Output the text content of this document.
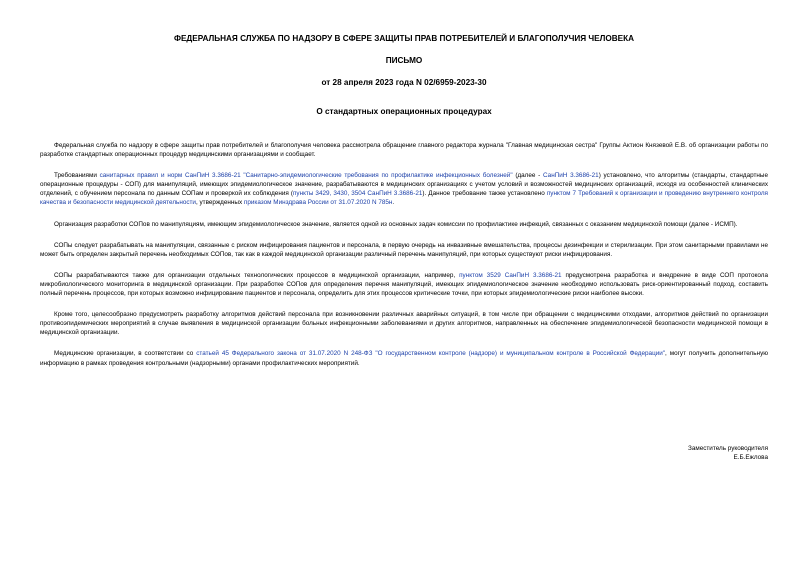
ФЕДЕРАЛЬНАЯ СЛУЖБА ПО НАДЗОРУ В СФЕРЕ ЗАЩИТЫ ПРАВ ПОТРЕБИТЕЛЕЙ И БЛАГОПОЛУЧИЯ ЧЕЛОВЕКА

ПИСЬМО

от 28 апреля 2023 года N 02/6959-2023-30

О стандартных операционных процедурах

Федеральная служба по надзору в сфере защиты прав потребителей и благополучия человека рассмотрела обращение главного редактора журнала "Главная медицинская сестра" Группы Актион Князевой Е.В. об организации работы по разработке стандартных операционных процедур медицинскими организациями и сообщает.

Требованиями санитарных правил и норм СанПиН 3.3686-21 "Санитарно-эпидемиологические требования по профилактике инфекционных болезней" (далее - СанПиН 3.3686-21) установлено, что алгоритмы (стандарты, стандартные операционные процедуры - СОП) для манипуляций, имеющих эпидемиологическое значение, разрабатываются в медицинских организациях с учетом условий и возможностей медицинских организаций, исходя из особенностей клинических отделений, с обучением персонала по данным СОПам и проверкой их соблюдения (пункты 3429, 3430, 3504 СанПиН 3.3686-21). Данное требование также установлено пунктом 7 Требований к организации и проведению внутреннего контроля качества и безопасности медицинской деятельности, утвержденных приказом Минздрава России от 31.07.2020 N 785н.

Организация разработки СОПов по манипуляциям, имеющим эпидемиологическое значение, является одной из основных задач комиссии по профилактике инфекций, связанных с оказанием медицинской помощи (далее - ИСМП).

СОПы следует разрабатывать на манипуляции, связанные с риском инфицирования пациентов и персонала, в первую очередь на инвазивные вмешательства, процессы дезинфекции и стерилизации. При этом санитарными правилами не может быть определен закрытый перечень необходимых СОПов, так как в каждой медицинской организации различный перечень манипуляций, при которых существуют риски инфицирования.

СОПы разрабатываются также для организации отдельных технологических процессов в медицинской организации, например, пунктом 3529 СанПиН 3.3686-21 предусмотрена разработка и внедрение в виде СОП протокола микробиологического мониторинга в медицинской организации. При разработке СОПов для определения перечня манипуляций, имеющих эпидемиологическое значение необходимо использовать риск-ориентированный подход, составить полный перечень процессов, при которых возможно инфицирование пациентов и персонала, определить для этих процессов критические точки, при которых эпидемиологические риски наиболее высоки.

Кроме того, целесообразно предусмотреть разработку алгоритмов действий персонала при возникновении различных аварийных ситуаций, в том числе при обращении с медицинскими отходами, алгоритмов действий по организации противоэпидемических мероприятий в случае выявления в медицинской организации больных инфекционными заболеваниями и других алгоритмов, направленных на обеспечение эпидемиологической безопасности медицинской помощи в медицинской организации.

Медицинские организации, в соответствии со статьей 45 Федерального закона от 31.07.2020 N 248-ФЗ "О государственном контроле (надзоре) и муниципальном контроле в Российской Федерации", могут получить дополнительную информацию в рамках проведения контрольными (надзорными) органами профилактических мероприятий.

Заместитель руководителя
Е.Б.Ежлова
